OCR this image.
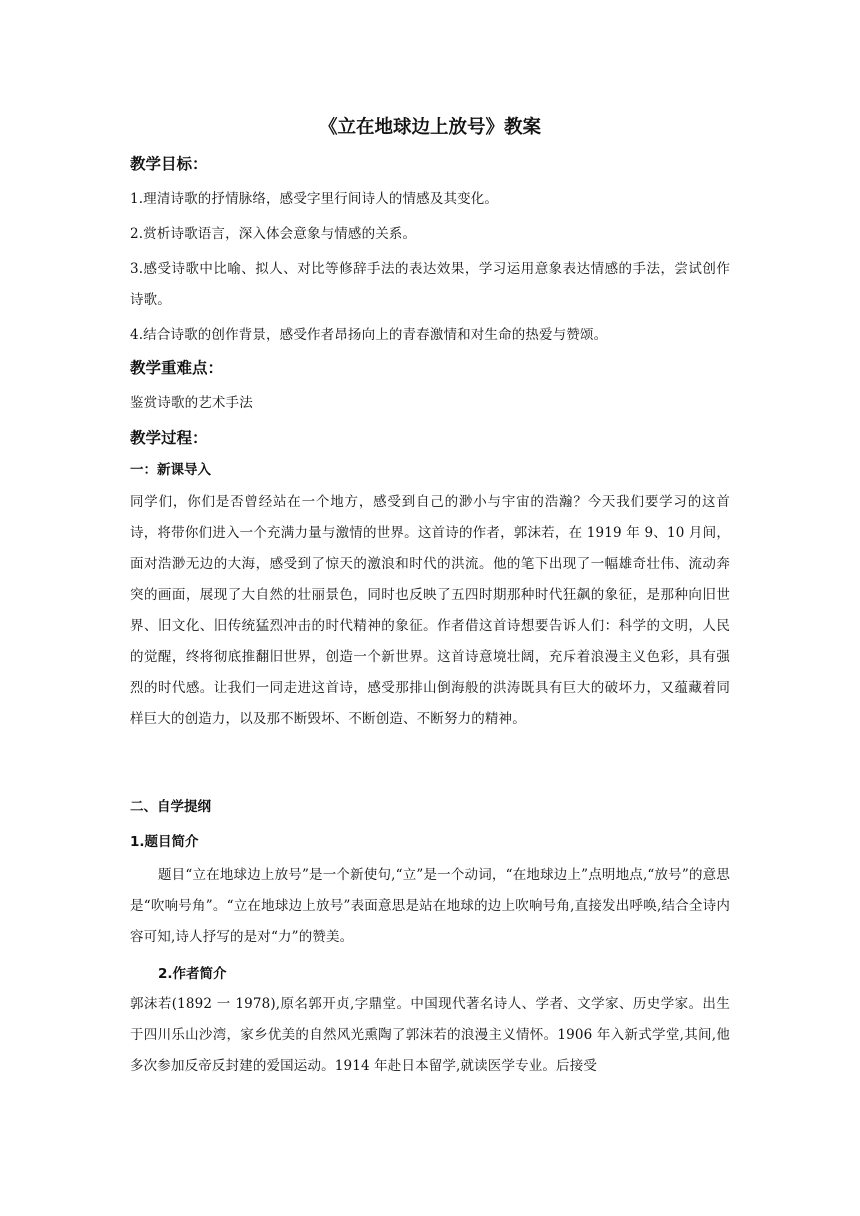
《立在地球边上放号》教案
教学目标：

1.理清诗歌的抒情脉络，感受字里行间诗人的情感及其变化。

2.赏析诗歌语言，深入体会意象与情感的关系。

3.感受诗歌中比喻、拟人、对比等修辞手法的表达效果，学习运用意象表达情感的手法，尝试创作诗歌。

4.结合诗歌的创作背景，感受作者昂扬向上的青春激情和对生命的热爱与赞颂。

教学重难点：

鉴赏诗歌的艺术手法

教学过程：
一：新课导入

同学们，你们是否曾经站在一个地方，感受到自己的渺小与宇宙的浩瀚？今天我们要学习的这首诗，将带你们进入一个充满力量与激情的世界。这首诗的作者，郭沫若，在 1919 年 9、10 月间，面对浩渺无边的大海，感受到了惊天的激浪和时代的洪流。他的笔下出现了一幅雄奇壮伟、流动奔突的画面，展现了大自然的壮丽景色，同时也反映了五四时期那种时代狂飙的象征，是那种向旧世界、旧文化、旧传统猛烈冲击的时代精神的象征。作者借这首诗想要告诉人们：科学的文明，人民的觉醒，终将彻底推翻旧世界，创造一个新世界。这首诗意境壮阔，充斥着浪漫主义色彩，具有强烈的时代感。让我们一同走进这首诗，感受那排山倒海般的洪涛既具有巨大的破坏力，又蕴藏着同样巨大的创造力，以及那不断毁坏、不断创造、不断努力的精神。

二、自学提纲
1.题目简介

题目“立在地球边上放号”是一个新使句,“立”是一个动词，“在地球边上”点明地点,“放号”的意思是“吹响号角”。“立在地球边上放号”表面意思是站在地球的边上吹响号角,直接发出呼唤,结合全诗内容可知,诗人抒写的是对“力”的赞美。

2.作者简介

郭沫若(1892 一 1978),原名郭开贞,字鼎堂。中国现代著名诗人、学者、文学家、历史学家。出生于四川乐山沙湾，家乡优美的自然风光熏陶了郭沫若的浪漫主义情怀。1906 年入新式学堂,其间,他多次参加反帝反封建的爱国运动。1914 年赴日本留学,就读医学专业。后接受
